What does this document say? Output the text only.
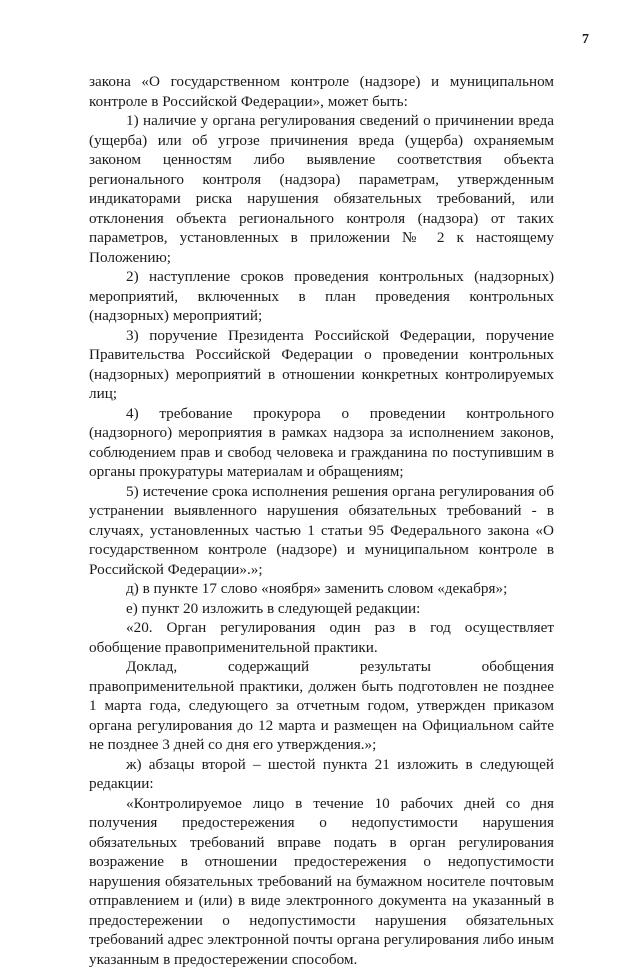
7

закона «О государственном контроле (надзоре) и муниципальном контроле в Российской Федерации», может быть:

1) наличие у органа регулирования сведений о причинении вреда (ущерба) или об угрозе причинения вреда (ущерба) охраняемым законом ценностям либо выявление соответствия объекта регионального контроля (надзора) параметрам, утвержденным индикаторами риска нарушения обязательных требований, или отклонения объекта регионального контроля (надзора) от таких параметров, установленных в приложении № 2 к настоящему Положению;

2) наступление сроков проведения контрольных (надзорных) мероприятий, включенных в план проведения контрольных (надзорных) мероприятий;

3) поручение Президента Российской Федерации, поручение Правительства Российской Федерации о проведении контрольных (надзорных) мероприятий в отношении конкретных контролируемых лиц;

4) требование прокурора о проведении контрольного (надзорного) мероприятия в рамках надзора за исполнением законов, соблюдением прав и свобод человека и гражданина по поступившим в органы прокуратуры материалам и обращениям;

5) истечение срока исполнения решения органа регулирования об устранении выявленного нарушения обязательных требований - в случаях, установленных частью 1 статьи 95 Федерального закона «О государственном контроле (надзоре) и муниципальном контроле в Российской Федерации».»;

д) в пункте 17 слово «ноября» заменить словом «декабря»;

е) пункт 20 изложить в следующей редакции:

«20. Орган регулирования один раз в год осуществляет обобщение правоприменительной практики.

Доклад, содержащий результаты обобщения правоприменительной практики, должен быть подготовлен не позднее 1 марта года, следующего за отчетным годом, утвержден приказом органа регулирования до 12 марта и размещен на Официальном сайте не позднее 3 дней со дня его утверждения.»;

ж) абзацы второй – шестой пункта 21 изложить в следующей редакции:

«Контролируемое лицо в течение 10 рабочих дней со дня получения предостережения о недопустимости нарушения обязательных требований вправе подать в орган регулирования возражение в отношении предостережения о недопустимости нарушения обязательных требований на бумажном носителе почтовым отправлением и (или) в виде электронного документа на указанный в предостережении о недопустимости нарушения обязательных требований адрес электронной почты органа регулирования либо иным указанным в предостережении способом.
